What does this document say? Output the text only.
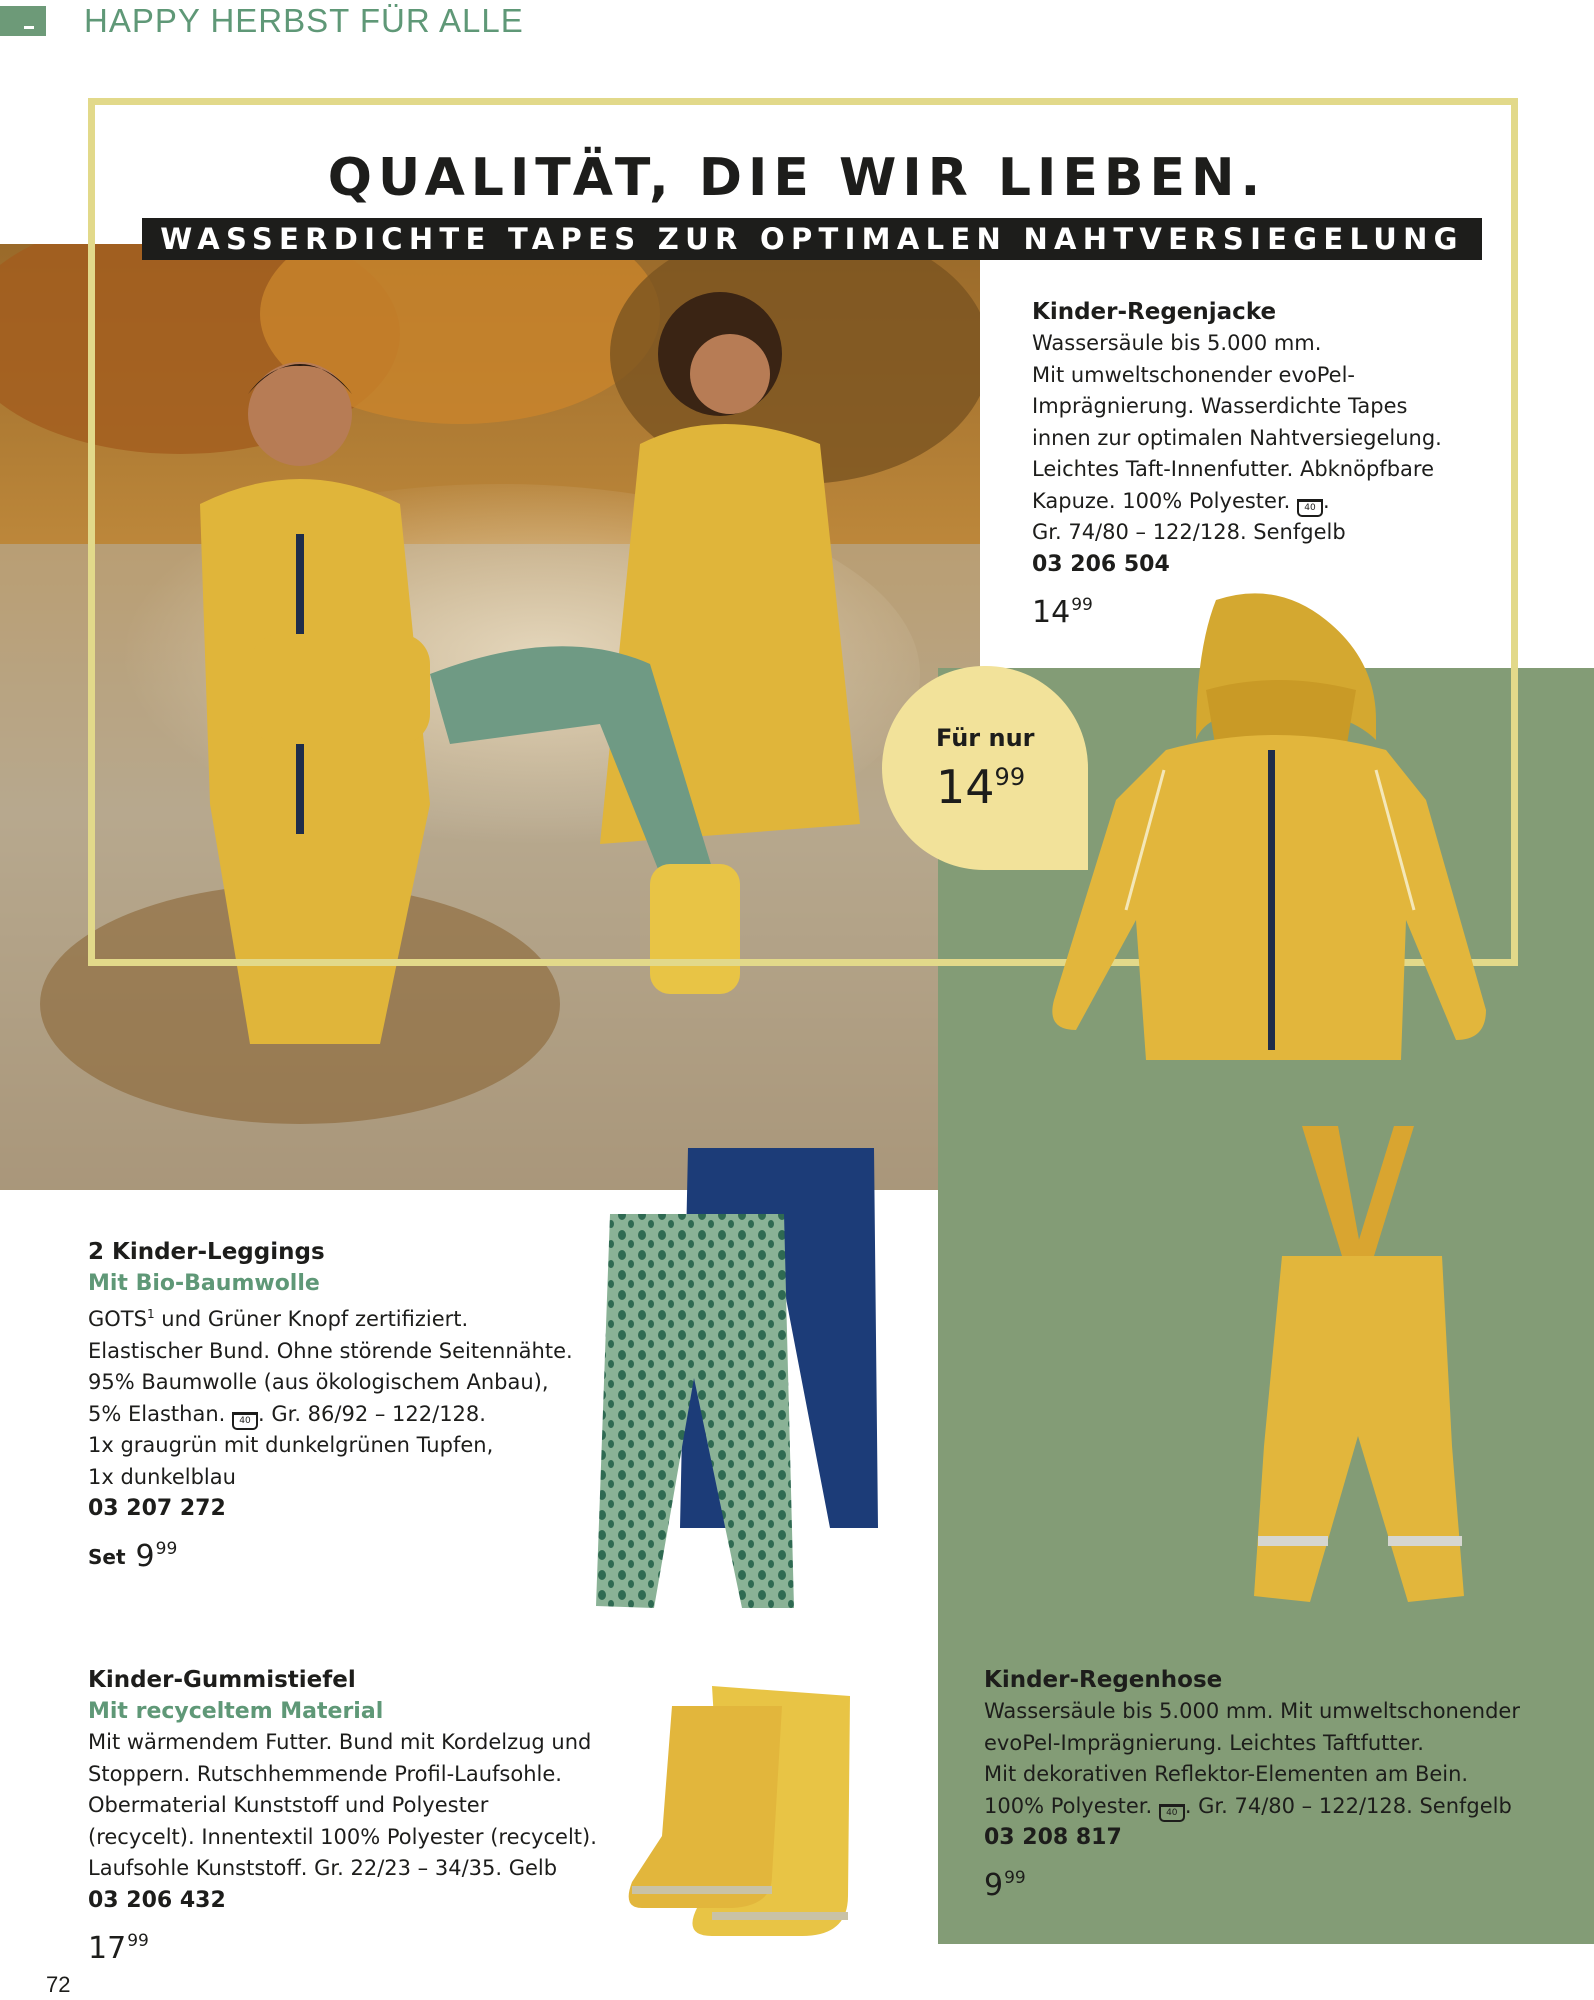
HAPPY HERBST FÜR ALLE
QUALITÄT, DIE WIR LIEBEN.
WASSERDICHTE TAPES ZUR OPTIMALEN NAHTVERSIEGELUNG
Kinder-Regenjacke
Wassersäule bis 5.000 mm.
Mit umweltschonender evoPel-
Imprägnierung. Wasserdichte Tapes
innen zur optimalen Nahtversiegelung.
Leichtes Taft-Innenfutter. Abknöpfbare
Kapuze. 100% Polyester. 40 .
Gr. 74/80 – 122/128. Senfgelb
03 206 504
$14^{99}$
Für nur
$14^{99}$
2 Kinder-Leggings
Mit Bio-Baumwolle
GOTS$^1$ und Grüner Knopf zertifiziert.
Elastischer Bund. Ohne störende Seitennähte.
95% Baumwolle (aus ökologischem Anbau),
5% Elasthan. 40 . Gr. 86/92 – 122/128.
1x graugrün mit dunkelgrünen Tupfen,
1x dunkelblau
03 207 272
Set $9^{99}$
Kinder-Gummistiefel
Mit recyceltem Material
Mit wärmendem Futter. Bund mit Kordelzug und
Stoppern. Rutschhemmende Profil-Laufsohle.
Obermaterial Kunststoff und Polyester
(recycelt). Innentextil 100% Polyester (recycelt).
Laufsohle Kunststoff. Gr. 22/23 – 34/35. Gelb
03 206 432
$17^{99}$
Kinder-Regenhose
Wassersäule bis 5.000 mm. Mit umweltschonender
evoPel-Imprägnierung. Leichtes Taftfutter.
Mit dekorativen Reflektor-Elementen am Bein.
100% Polyester. 40 . Gr. 74/80 – 122/128. Senfgelb
03 208 817
$9^{99}$
72
